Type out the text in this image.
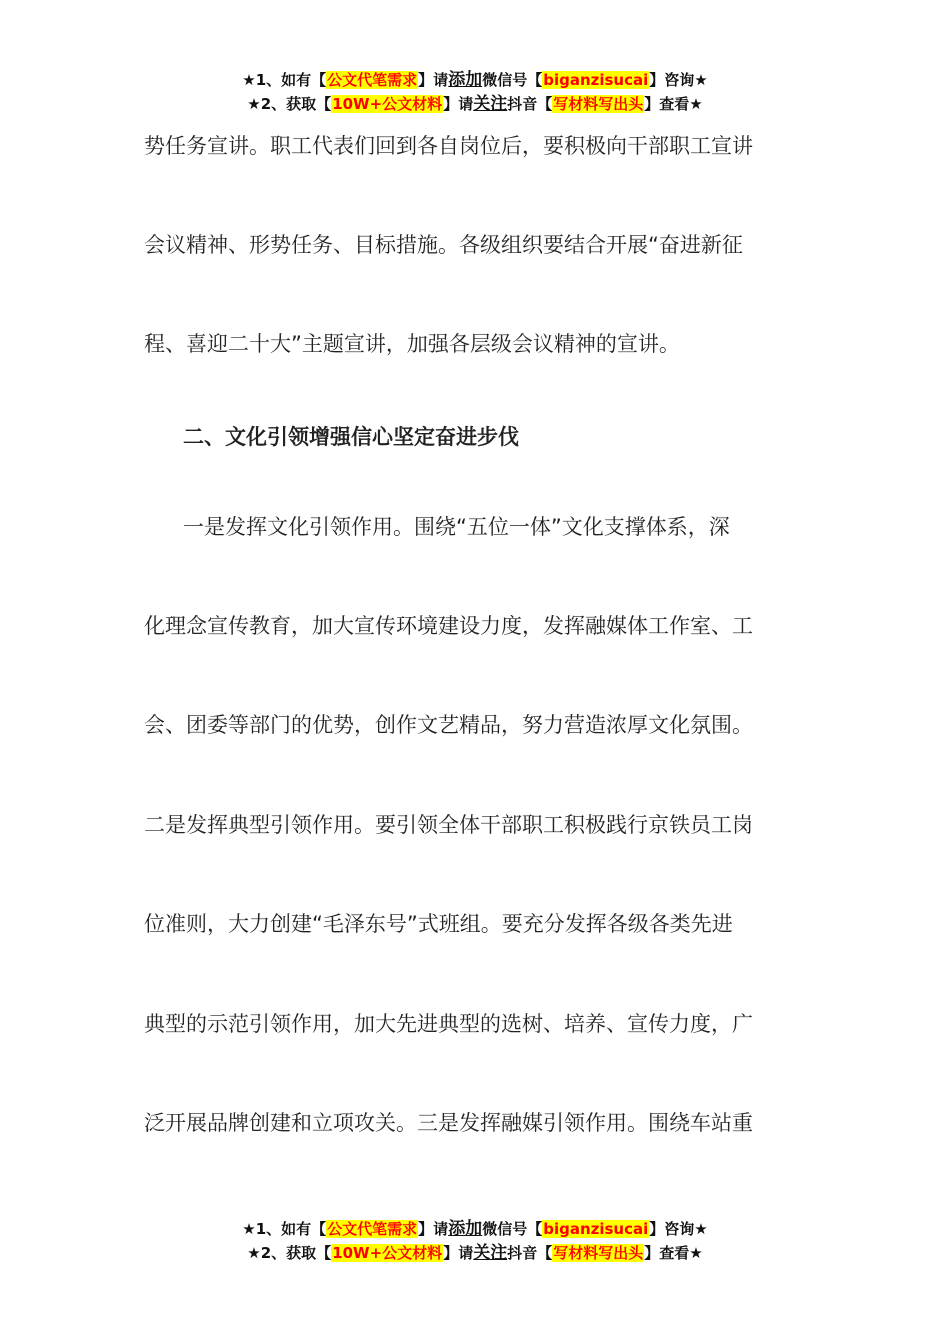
★1、如有【公文代笔需求】请添加微信号【biganzisucai】咨询★
★2、获取【10W+公文材料】请关注抖音【写材料写出头】查看★
势任务宣讲。职工代表们回到各自岗位后，要积极向干部职工宣讲
会议精神、形势任务、目标措施。各级组织要结合开展“奋进新征
程、喜迎二十大”主题宣讲，加强各层级会议精神的宣讲。
二、文化引领增强信心坚定奋进步伐
一是发挥文化引领作用。围绕“五位一体”文化支撑体系，深
化理念宣传教育，加大宣传环境建设力度，发挥融媒体工作室、工
会、团委等部门的优势，创作文艺精品，努力营造浓厚文化氛围。
二是发挥典型引领作用。要引领全体干部职工积极践行京铁员工岗
位准则，大力创建“毛泽东号”式班组。要充分发挥各级各类先进
典型的示范引领作用，加大先进典型的选树、培养、宣传力度，广
泛开展品牌创建和立项攻关。三是发挥融媒引领作用。围绕车站重
★1、如有【公文代笔需求】请添加微信号【biganzisucai】咨询★
★2、获取【10W+公文材料】请关注抖音【写材料写出头】查看★
